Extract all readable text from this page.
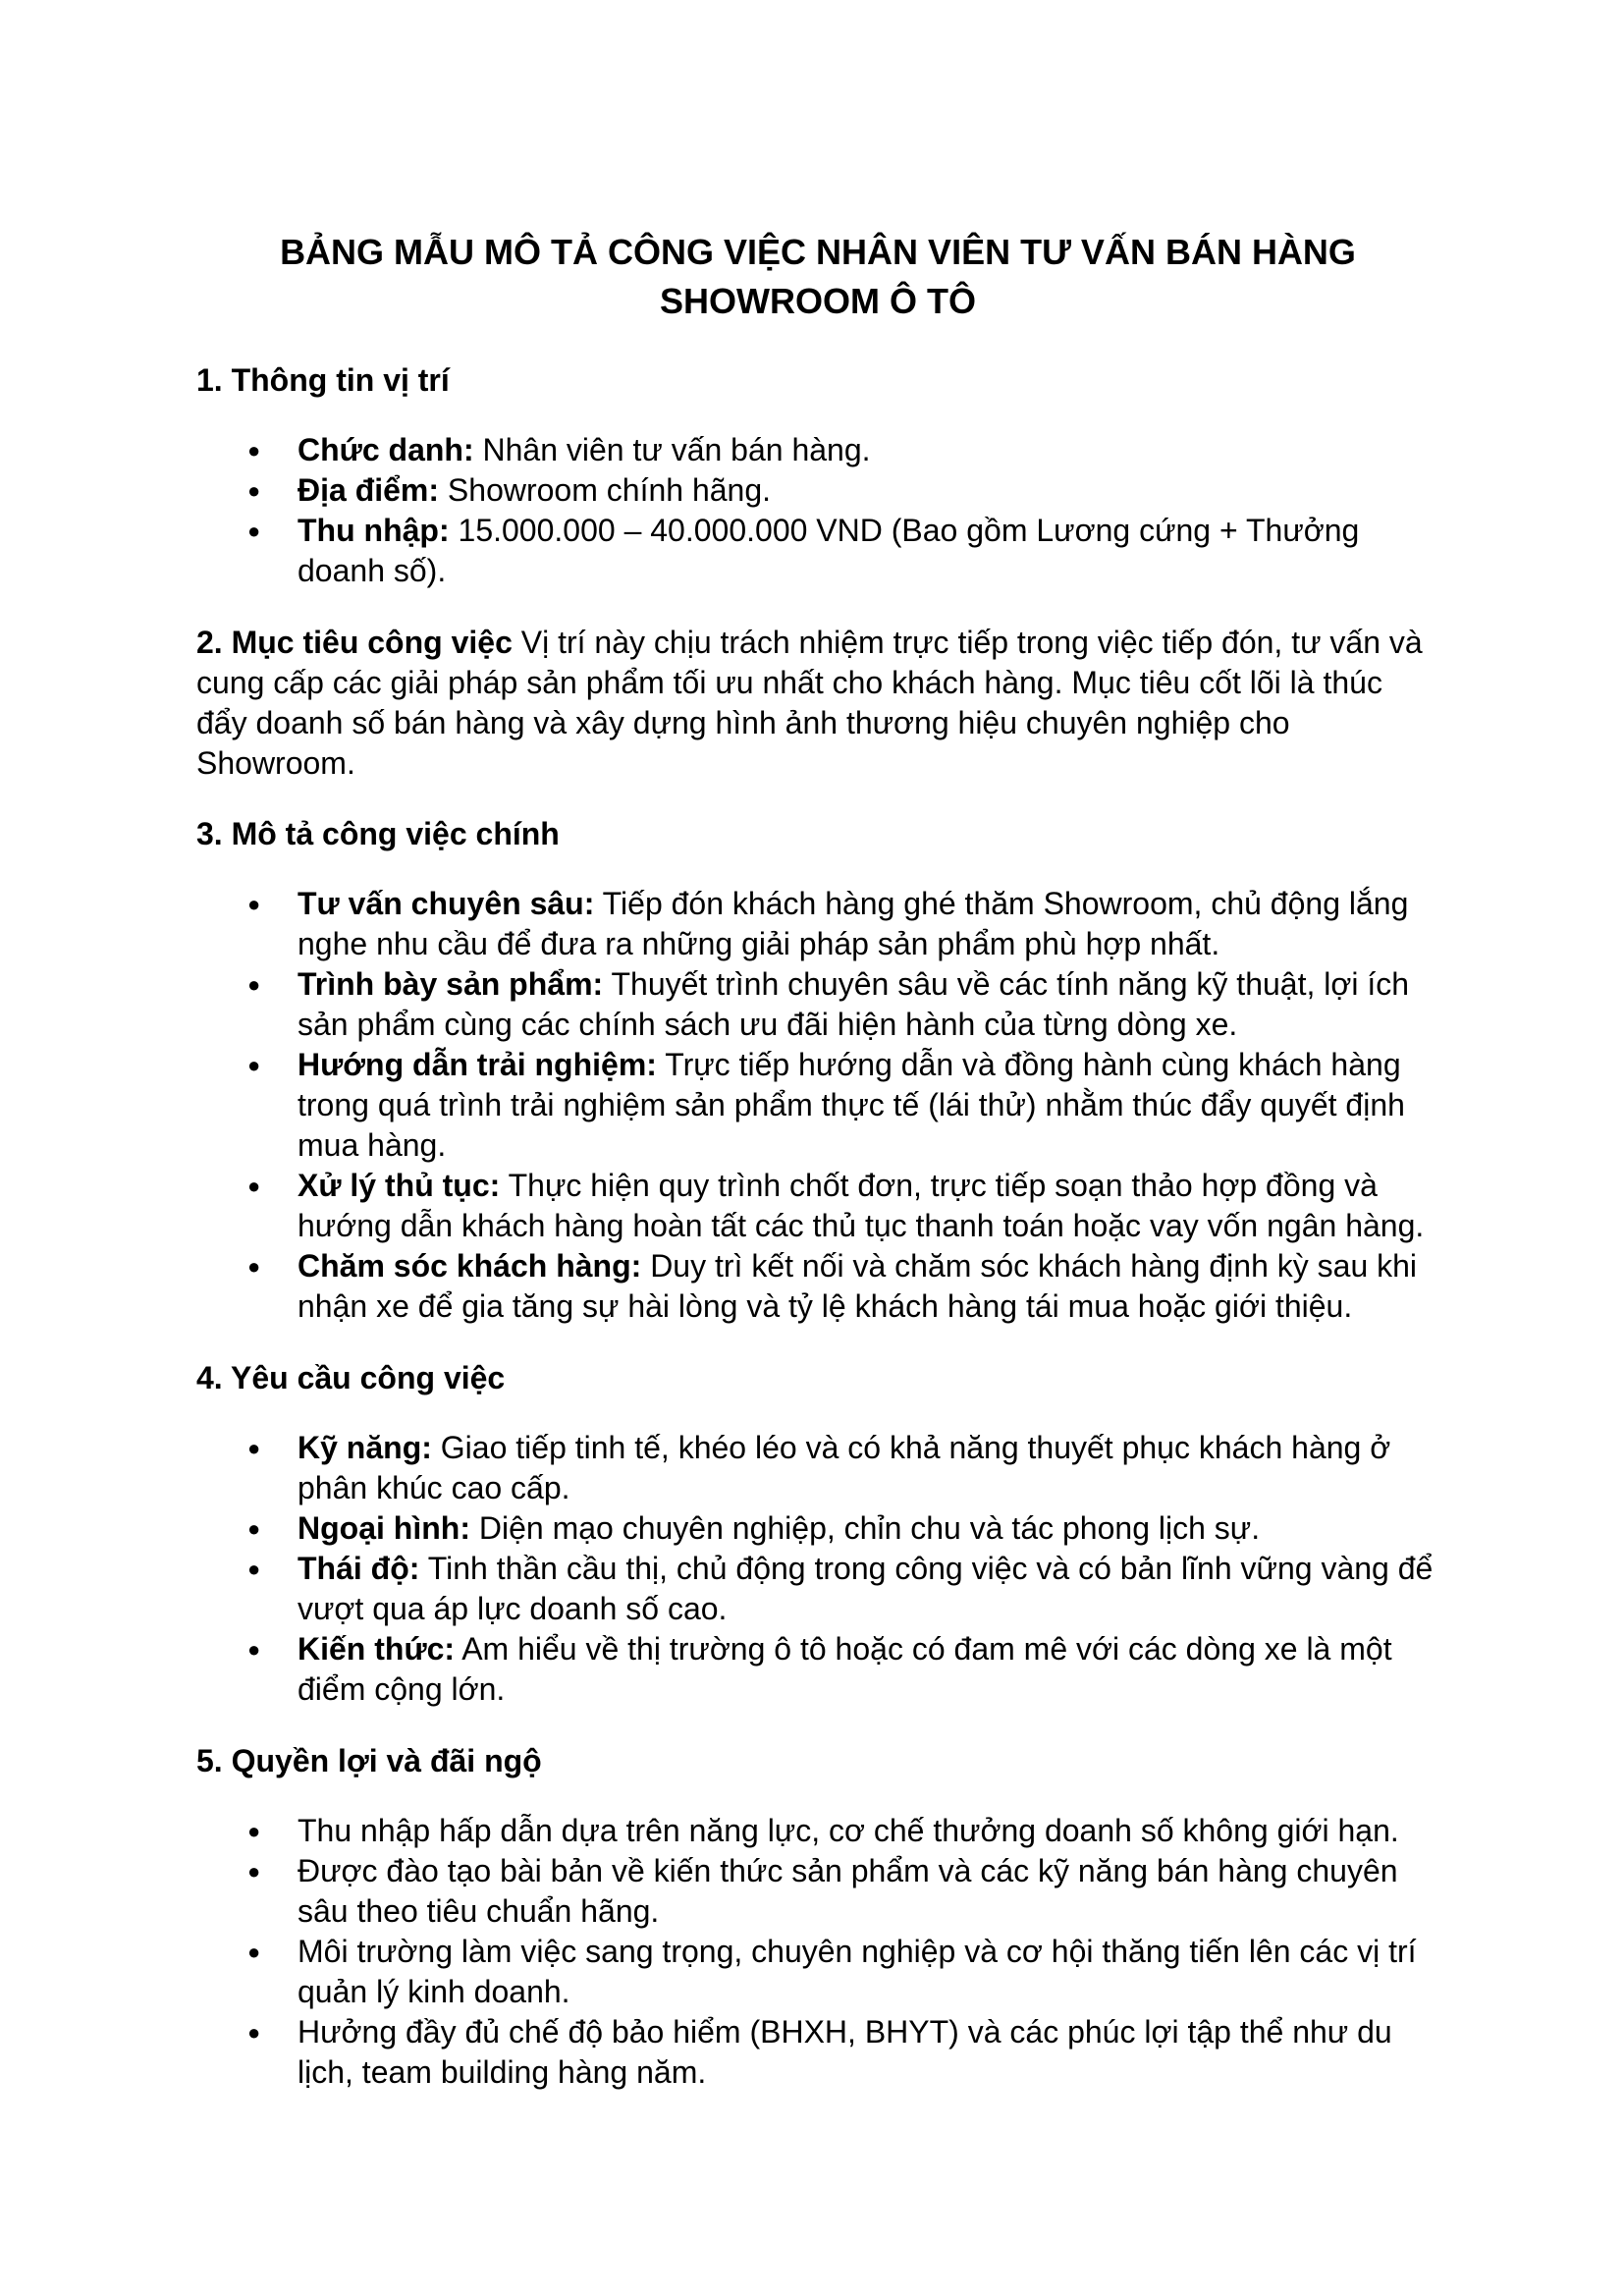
BẢNG MẪU MÔ TẢ CÔNG VIỆC NHÂN VIÊN TƯ VẤN BÁN HÀNG
SHOWROOM Ô TÔ
1. Thông tin vị trí
● Chức danh: Nhân viên tư vấn bán hàng.
● Địa điểm: Showroom chính hãng.
● Thu nhập: 15.000.000 – 40.000.000 VND (Bao gồm Lương cứng + Thưởng doanh số).
2. Mục tiêu công việc Vị trí này chịu trách nhiệm trực tiếp trong việc tiếp đón, tư vấn và cung cấp các giải pháp sản phẩm tối ưu nhất cho khách hàng. Mục tiêu cốt lõi là thúc đẩy doanh số bán hàng và xây dựng hình ảnh thương hiệu chuyên nghiệp cho Showroom.
3. Mô tả công việc chính
● Tư vấn chuyên sâu: Tiếp đón khách hàng ghé thăm Showroom, chủ động lắng nghe nhu cầu để đưa ra những giải pháp sản phẩm phù hợp nhất.
● Trình bày sản phẩm: Thuyết trình chuyên sâu về các tính năng kỹ thuật, lợi ích sản phẩm cùng các chính sách ưu đãi hiện hành của từng dòng xe.
● Hướng dẫn trải nghiệm: Trực tiếp hướng dẫn và đồng hành cùng khách hàng trong quá trình trải nghiệm sản phẩm thực tế (lái thử) nhằm thúc đẩy quyết định mua hàng.
● Xử lý thủ tục: Thực hiện quy trình chốt đơn, trực tiếp soạn thảo hợp đồng và hướng dẫn khách hàng hoàn tất các thủ tục thanh toán hoặc vay vốn ngân hàng.
● Chăm sóc khách hàng: Duy trì kết nối và chăm sóc khách hàng định kỳ sau khi nhận xe để gia tăng sự hài lòng và tỷ lệ khách hàng tái mua hoặc giới thiệu.
4. Yêu cầu công việc
● Kỹ năng: Giao tiếp tinh tế, khéo léo và có khả năng thuyết phục khách hàng ở phân khúc cao cấp.
● Ngoại hình: Diện mạo chuyên nghiệp, chỉn chu và tác phong lịch sự.
● Thái độ: Tinh thần cầu thị, chủ động trong công việc và có bản lĩnh vững vàng để vượt qua áp lực doanh số cao.
● Kiến thức: Am hiểu về thị trường ô tô hoặc có đam mê với các dòng xe là một điểm cộng lớn.
5. Quyền lợi và đãi ngộ
● Thu nhập hấp dẫn dựa trên năng lực, cơ chế thưởng doanh số không giới hạn.
● Được đào tạo bài bản về kiến thức sản phẩm và các kỹ năng bán hàng chuyên sâu theo tiêu chuẩn hãng.
● Môi trường làm việc sang trọng, chuyên nghiệp và cơ hội thăng tiến lên các vị trí quản lý kinh doanh.
● Hưởng đầy đủ chế độ bảo hiểm (BHXH, BHYT) và các phúc lợi tập thể như du lịch, team building hàng năm.
